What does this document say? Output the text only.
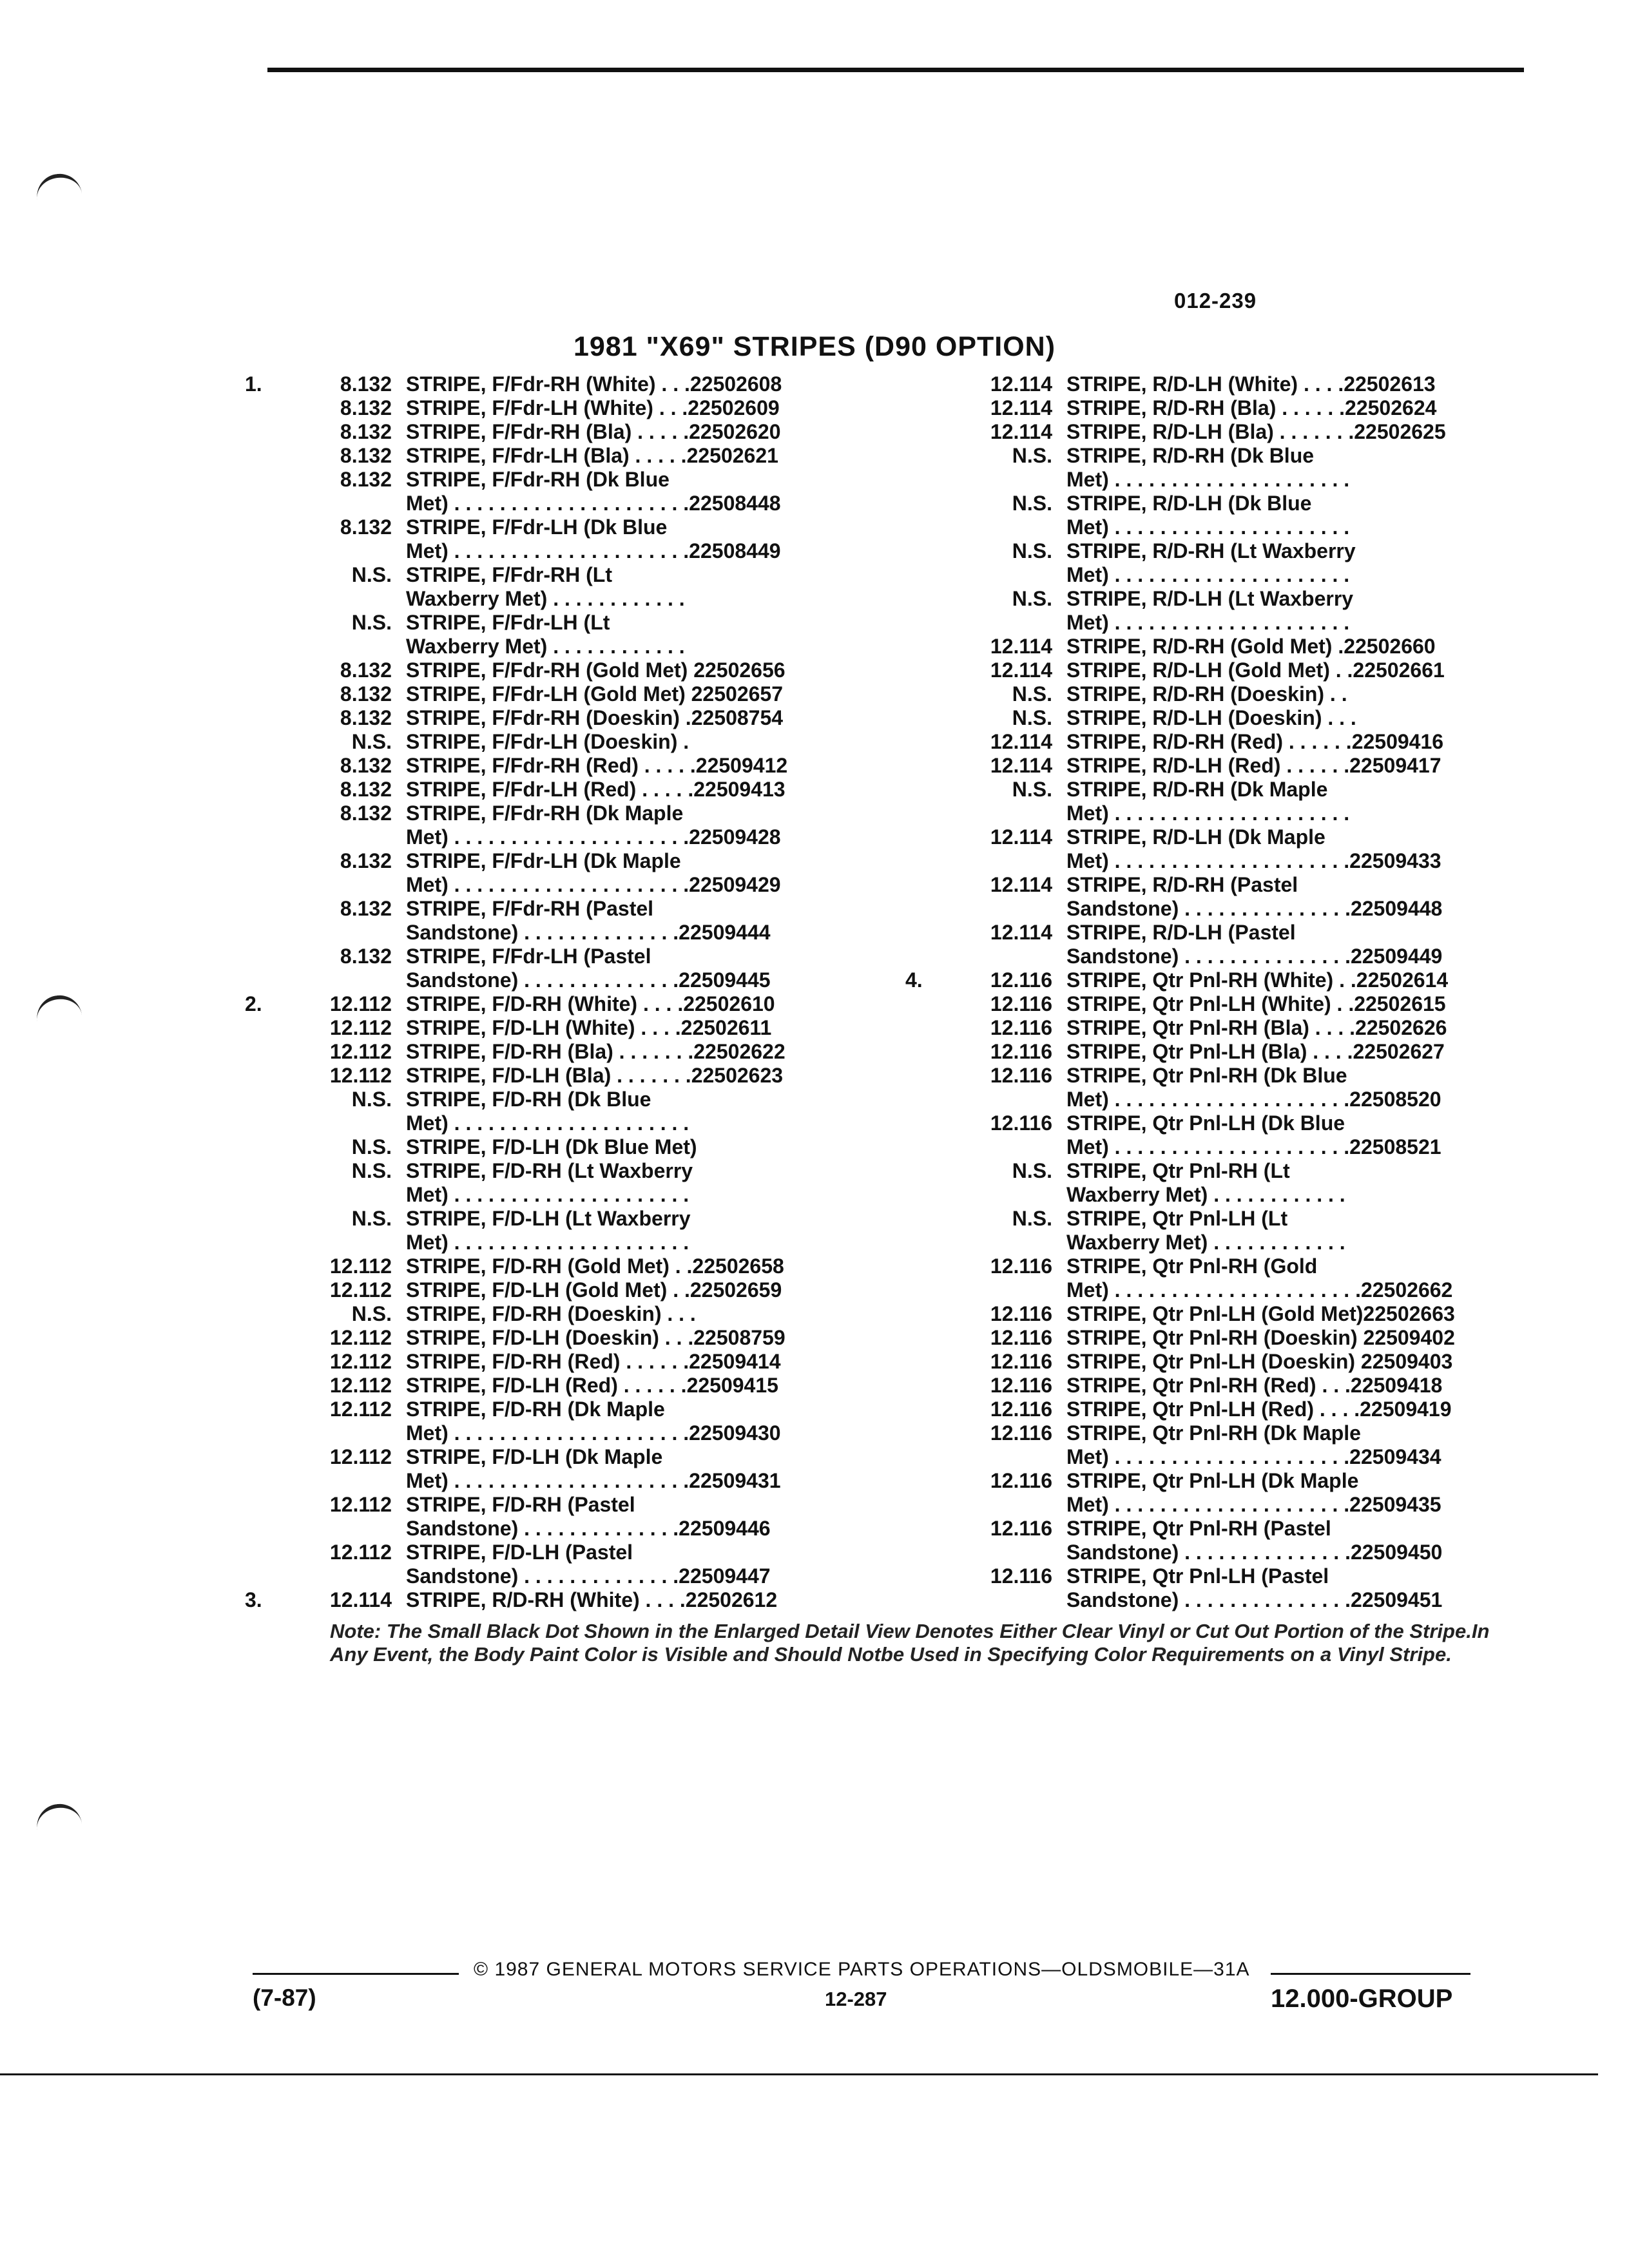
012-239
1981 "X69" STRIPES (D90 OPTION)
1.	8.132 STRIPE, F/Fdr-RH (White) . . .22502608
8.132 STRIPE, F/Fdr-LH (White) . . .22502609
8.132 STRIPE, F/Fdr-RH (Bla) . . . . .22502620
8.132 STRIPE, F/Fdr-LH (Bla) . . . . .22502621
8.132 STRIPE, F/Fdr-RH (Dk Blue
Met) . . . . . . . . . . . . . . . . . . . . .22508448
8.132 STRIPE, F/Fdr-LH (Dk Blue
Met) . . . . . . . . . . . . . . . . . . . . .22508449
N.S. STRIPE, F/Fdr-RH (Lt
Waxberry Met) . . . . . . . . . . . .
N.S. STRIPE, F/Fdr-LH (Lt
Waxberry Met) . . . . . . . . . . . .
8.132 STRIPE, F/Fdr-RH (Gold Met) 22502656
8.132 STRIPE, F/Fdr-LH (Gold Met) 22502657
8.132 STRIPE, F/Fdr-RH (Doeskin) .22508754
N.S. STRIPE, F/Fdr-LH (Doeskin) .
8.132 STRIPE, F/Fdr-RH (Red) . . . . .22509412
8.132 STRIPE, F/Fdr-LH (Red) . . . . .22509413
8.132 STRIPE, F/Fdr-RH (Dk Maple
Met) . . . . . . . . . . . . . . . . . . . . .22509428
8.132 STRIPE, F/Fdr-LH (Dk Maple
Met) . . . . . . . . . . . . . . . . . . . . .22509429
8.132 STRIPE, F/Fdr-RH (Pastel
Sandstone) . . . . . . . . . . . . . .22509444
8.132 STRIPE, F/Fdr-LH (Pastel
Sandstone) . . . . . . . . . . . . . .22509445
2.	12.112 STRIPE, F/D-RH (White) . . . .22502610
12.112 STRIPE, F/D-LH (White) . . . .22502611
12.112 STRIPE, F/D-RH (Bla) . . . . . . .22502622
12.112 STRIPE, F/D-LH (Bla) . . . . . . .22502623
N.S. STRIPE, F/D-RH (Dk Blue
Met) . . . . . . . . . . . . . . . . . . . . .
N.S. STRIPE, F/D-LH (Dk Blue Met)
N.S. STRIPE, F/D-RH (Lt Waxberry
Met) . . . . . . . . . . . . . . . . . . . . .
N.S. STRIPE, F/D-LH (Lt Waxberry
Met) . . . . . . . . . . . . . . . . . . . . .
12.112 STRIPE, F/D-RH (Gold Met) . .22502658
12.112 STRIPE, F/D-LH (Gold Met) . .22502659
N.S. STRIPE, F/D-RH (Doeskin) . . .
12.112 STRIPE, F/D-LH (Doeskin) . . .22508759
12.112 STRIPE, F/D-RH (Red) . . . . . .22509414
12.112 STRIPE, F/D-LH (Red) . . . . . .22509415
12.112 STRIPE, F/D-RH (Dk Maple
Met) . . . . . . . . . . . . . . . . . . . . .22509430
12.112 STRIPE, F/D-LH (Dk Maple
Met) . . . . . . . . . . . . . . . . . . . . .22509431
12.112 STRIPE, F/D-RH (Pastel
Sandstone) . . . . . . . . . . . . . .22509446
12.112 STRIPE, F/D-LH (Pastel
Sandstone) . . . . . . . . . . . . . .22509447
3.	12.114 STRIPE, R/D-RH (White) . . . .22502612
12.114 STRIPE, R/D-LH (White) . . . .22502613
12.114 STRIPE, R/D-RH (Bla) . . . . . .22502624
12.114 STRIPE, R/D-LH (Bla) . . . . . . .22502625
N.S. STRIPE, R/D-RH (Dk Blue
Met) . . . . . . . . . . . . . . . . . . . . .
N.S. STRIPE, R/D-LH (Dk Blue
Met) . . . . . . . . . . . . . . . . . . . . .
N.S. STRIPE, R/D-RH (Lt Waxberry
Met) . . . . . . . . . . . . . . . . . . . . .
N.S. STRIPE, R/D-LH (Lt Waxberry
Met) . . . . . . . . . . . . . . . . . . . . .
12.114 STRIPE, R/D-RH (Gold Met) .22502660
12.114 STRIPE, R/D-LH (Gold Met) . .22502661
N.S. STRIPE, R/D-RH (Doeskin) . .
N.S. STRIPE, R/D-LH (Doeskin) . . .
12.114 STRIPE, R/D-RH (Red) . . . . . .22509416
12.114 STRIPE, R/D-LH (Red) . . . . . .22509417
N.S. STRIPE, R/D-RH (Dk Maple
Met) . . . . . . . . . . . . . . . . . . . . .
12.114 STRIPE, R/D-LH (Dk Maple
Met) . . . . . . . . . . . . . . . . . . . . .22509433
12.114 STRIPE, R/D-RH (Pastel
Sandstone) . . . . . . . . . . . . . . .22509448
12.114 STRIPE, R/D-LH (Pastel
Sandstone) . . . . . . . . . . . . . . .22509449
4.	12.116 STRIPE, Qtr Pnl-RH (White) . .22502614
12.116 STRIPE, Qtr Pnl-LH (White) . .22502615
12.116 STRIPE, Qtr Pnl-RH (Bla) . . . .22502626
12.116 STRIPE, Qtr Pnl-LH (Bla) . . . .22502627
12.116 STRIPE, Qtr Pnl-RH (Dk Blue
Met) . . . . . . . . . . . . . . . . . . . . .22508520
12.116 STRIPE, Qtr Pnl-LH (Dk Blue
Met) . . . . . . . . . . . . . . . . . . . . .22508521
N.S. STRIPE, Qtr Pnl-RH (Lt
Waxberry Met) . . . . . . . . . . . .
N.S. STRIPE, Qtr Pnl-LH (Lt
Waxberry Met) . . . . . . . . . . . .
12.116 STRIPE, Qtr Pnl-RH (Gold
Met) . . . . . . . . . . . . . . . . . . . . . .22502662
12.116 STRIPE, Qtr Pnl-LH (Gold Met)22502663
12.116 STRIPE, Qtr Pnl-RH (Doeskin) 22509402
12.116 STRIPE, Qtr Pnl-LH (Doeskin) 22509403
12.116 STRIPE, Qtr Pnl-RH (Red) . . .22509418
12.116 STRIPE, Qtr Pnl-LH (Red) . . . .22509419
12.116 STRIPE, Qtr Pnl-RH (Dk Maple
Met) . . . . . . . . . . . . . . . . . . . . .22509434
12.116 STRIPE, Qtr Pnl-LH (Dk Maple
Met) . . . . . . . . . . . . . . . . . . . . .22509435
12.116 STRIPE, Qtr Pnl-RH (Pastel
Sandstone) . . . . . . . . . . . . . . .22509450
12.116 STRIPE, Qtr Pnl-LH (Pastel
Sandstone) . . . . . . . . . . . . . . .22509451
Note: The Small Black Dot Shown in the Enlarged Detail View Denotes Either Clear Vinyl or Cut Out Portion of the Stripe.In Any Event, the Body Paint Color is Visible and Should Notbe Used in Specifying Color Requirements on a Vinyl Stripe.
© 1987 GENERAL MOTORS SERVICE PARTS OPERATIONS—OLDSMOBILE—31A
(7-87)	12-287	12.000-GROUP
